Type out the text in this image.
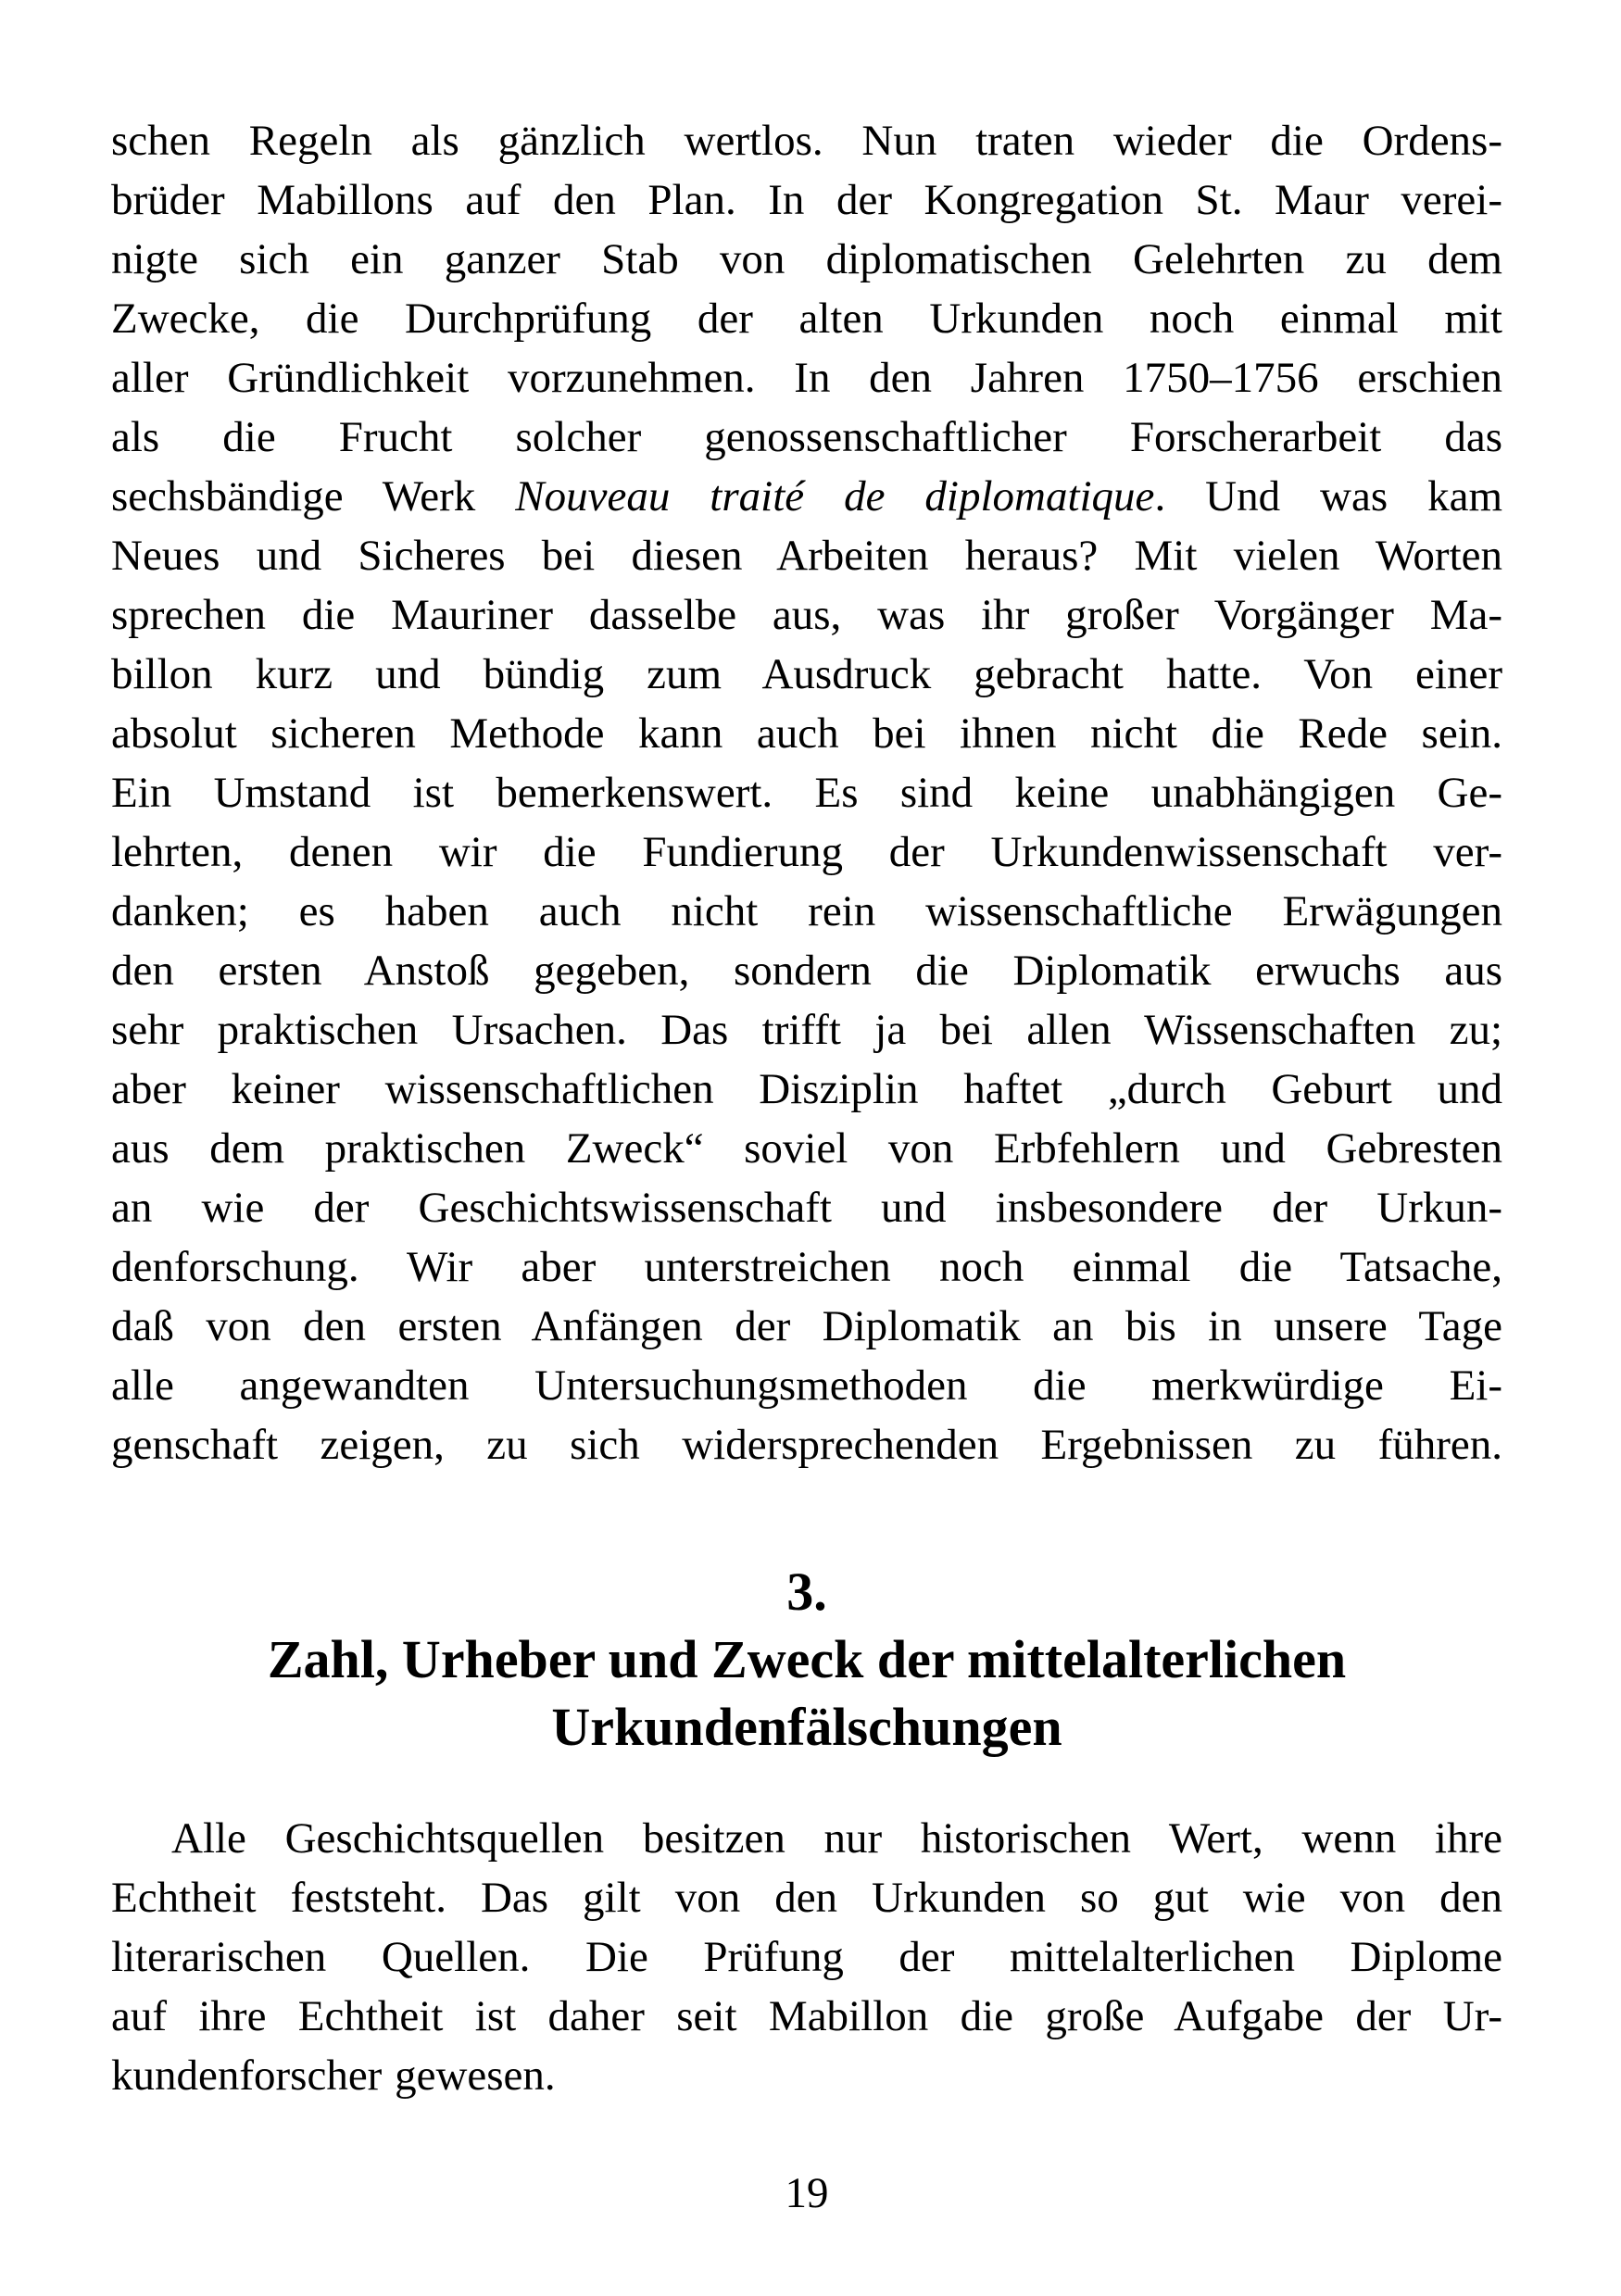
schen Regeln als gänzlich wertlos. Nun traten wieder die Ordens-
brüder Mabillons auf den Plan. In der Kongregation St. Maur verei-
nigte sich ein ganzer Stab von diplomatischen Gelehrten zu dem
Zwecke, die Durchprüfung der alten Urkunden noch einmal mit
aller Gründlichkeit vorzunehmen. In den Jahren 1750–1756 erschien
als die Frucht solcher genossenschaftlicher Forscherarbeit das
sechsbändige Werk Nouveau traité de diplomatique. Und was kam
Neues und Sicheres bei diesen Arbeiten heraus? Mit vielen Worten
sprechen die Mauriner dasselbe aus, was ihr großer Vorgänger Ma-
billon kurz und bündig zum Ausdruck gebracht hatte. Von einer
absolut sicheren Methode kann auch bei ihnen nicht die Rede sein.
Ein Umstand ist bemerkenswert. Es sind keine unabhängigen Ge-
lehrten, denen wir die Fundierung der Urkundenwissenschaft ver-
danken; es haben auch nicht rein wissenschaftliche Erwägungen
den ersten Anstoß gegeben, sondern die Diplomatik erwuchs aus
sehr praktischen Ursachen. Das trifft ja bei allen Wissenschaften zu;
aber keiner wissenschaftlichen Disziplin haftet „durch Geburt und
aus dem praktischen Zweck“ soviel von Erbfehlern und Gebresten
an wie der Geschichtswissenschaft und insbesondere der Urkun-
denforschung. Wir aber unterstreichen noch einmal die Tatsache,
daß von den ersten Anfängen der Diplomatik an bis in unsere Tage
alle angewandten Untersuchungsmethoden die merkwürdige Ei-
genschaft zeigen, zu sich widersprechenden Ergebnissen zu führen.
3.
Zahl, Urheber und Zweck der mittelalterlichen
Urkundenfälschungen
Alle Geschichtsquellen besitzen nur historischen Wert, wenn ihre
Echtheit feststeht. Das gilt von den Urkunden so gut wie von den
literarischen Quellen. Die Prüfung der mittelalterlichen Diplome
auf ihre Echtheit ist daher seit Mabillon die große Aufgabe der Ur-
kundenforscher gewesen.
19
